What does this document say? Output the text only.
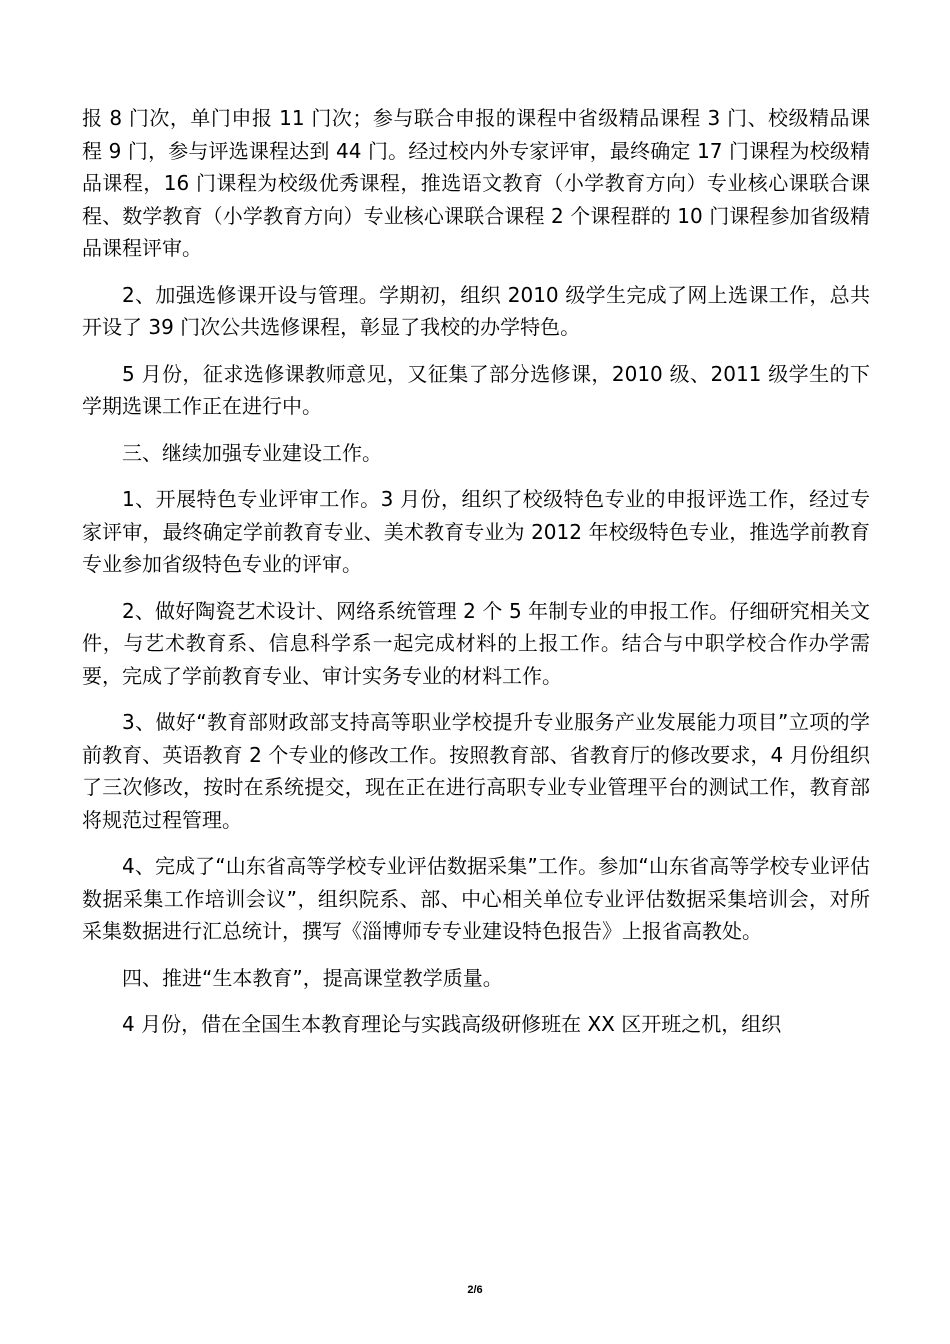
报 8 门次，单门申报 11 门次；参与联合申报的课程中省级精品课程 3 门、校级精品课程 9 门，参与评选课程达到 44 门。经过校内外专家评审，最终确定 17 门课程为校级精品课程，16 门课程为校级优秀课程，推选语文教育（小学教育方向）专业核心课联合课程、数学教育（小学教育方向）专业核心课联合课程 2 个课程群的 10 门课程参加省级精品课程评审。

2、加强选修课开设与管理。学期初，组织 2010 级学生完成了网上选课工作，总共开设了 39 门次公共选修课程，彰显了我校的办学特色。

5 月份，征求选修课教师意见，又征集了部分选修课，2010 级、2011 级学生的下学期选课工作正在进行中。

三、继续加强专业建设工作。

1、开展特色专业评审工作。3 月份，组织了校级特色专业的申报评选工作，经过专家评审，最终确定学前教育专业、美术教育专业为 2012 年校级特色专业，推选学前教育专业参加省级特色专业的评审。

2、做好陶瓷艺术设计、网络系统管理 2 个 5 年制专业的申报工作。仔细研究相关文件，与艺术教育系、信息科学系一起完成材料的上报工作。结合与中职学校合作办学需要，完成了学前教育专业、审计实务专业的材料工作。

3、做好“教育部财政部支持高等职业学校提升专业服务产业发展能力项目”立项的学前教育、英语教育 2 个专业的修改工作。按照教育部、省教育厅的修改要求，4 月份组织了三次修改，按时在系统提交，现在正在进行高职专业专业管理平台的测试工作，教育部将规范过程管理。

4、完成了“山东省高等学校专业评估数据采集”工作。参加“山东省高等学校专业评估数据采集工作培训会议”，组织院系、部、中心相关单位专业评估数据采集培训会，对所采集数据进行汇总统计，撰写《淄博师专专业建设特色报告》上报省高教处。

四、推进“生本教育”，提高课堂教学质量。

4 月份，借在全国生本教育理论与实践高级研修班在 XX 区开班之机，组织

2/6
